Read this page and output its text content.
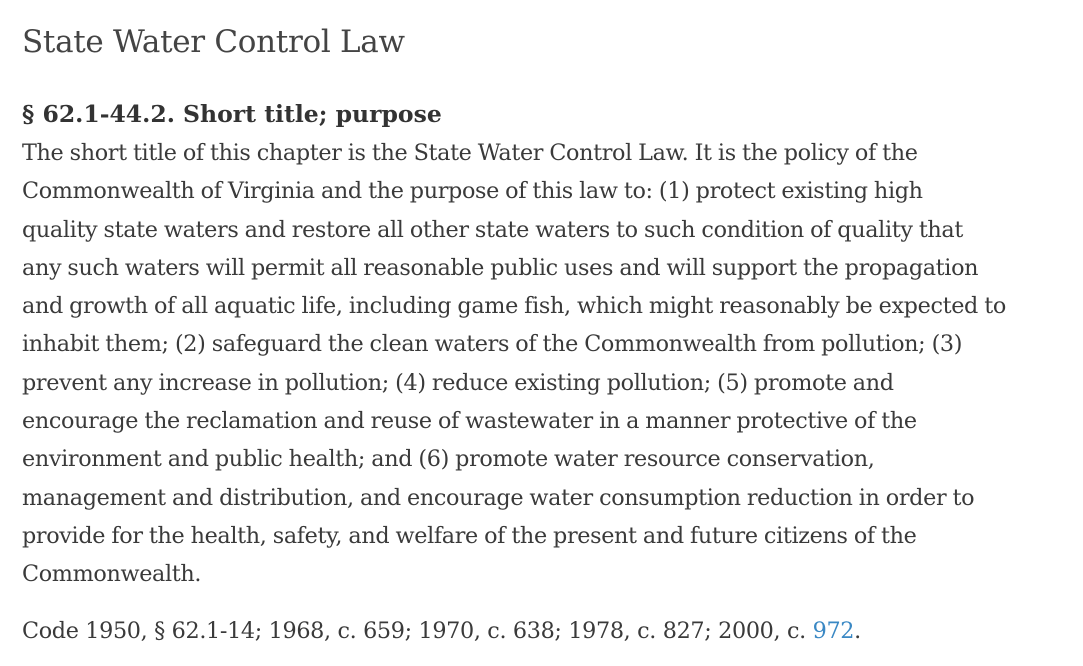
State Water Control Law
§ 62.1-44.2. Short title; purpose

The short title of this chapter is the State Water Control Law. It is the policy of the
Commonwealth of Virginia and the purpose of this law to: (1) protect existing high
quality state waters and restore all other state waters to such condition of quality that
any such waters will permit all reasonable public uses and will support the propagation
and growth of all aquatic life, including game fish, which might reasonably be expected to
inhabit them; (2) safeguard the clean waters of the Commonwealth from pollution; (3)
prevent any increase in pollution; (4) reduce existing pollution; (5) promote and
encourage the reclamation and reuse of wastewater in a manner protective of the
environment and public health; and (6) promote water resource conservation,
management and distribution, and encourage water consumption reduction in order to
provide for the health, safety, and welfare of the present and future citizens of the
Commonwealth.

Code 1950, § 62.1-14; 1968, c. 659; 1970, c. 638; 1978, c. 827; 2000, c. 972.
